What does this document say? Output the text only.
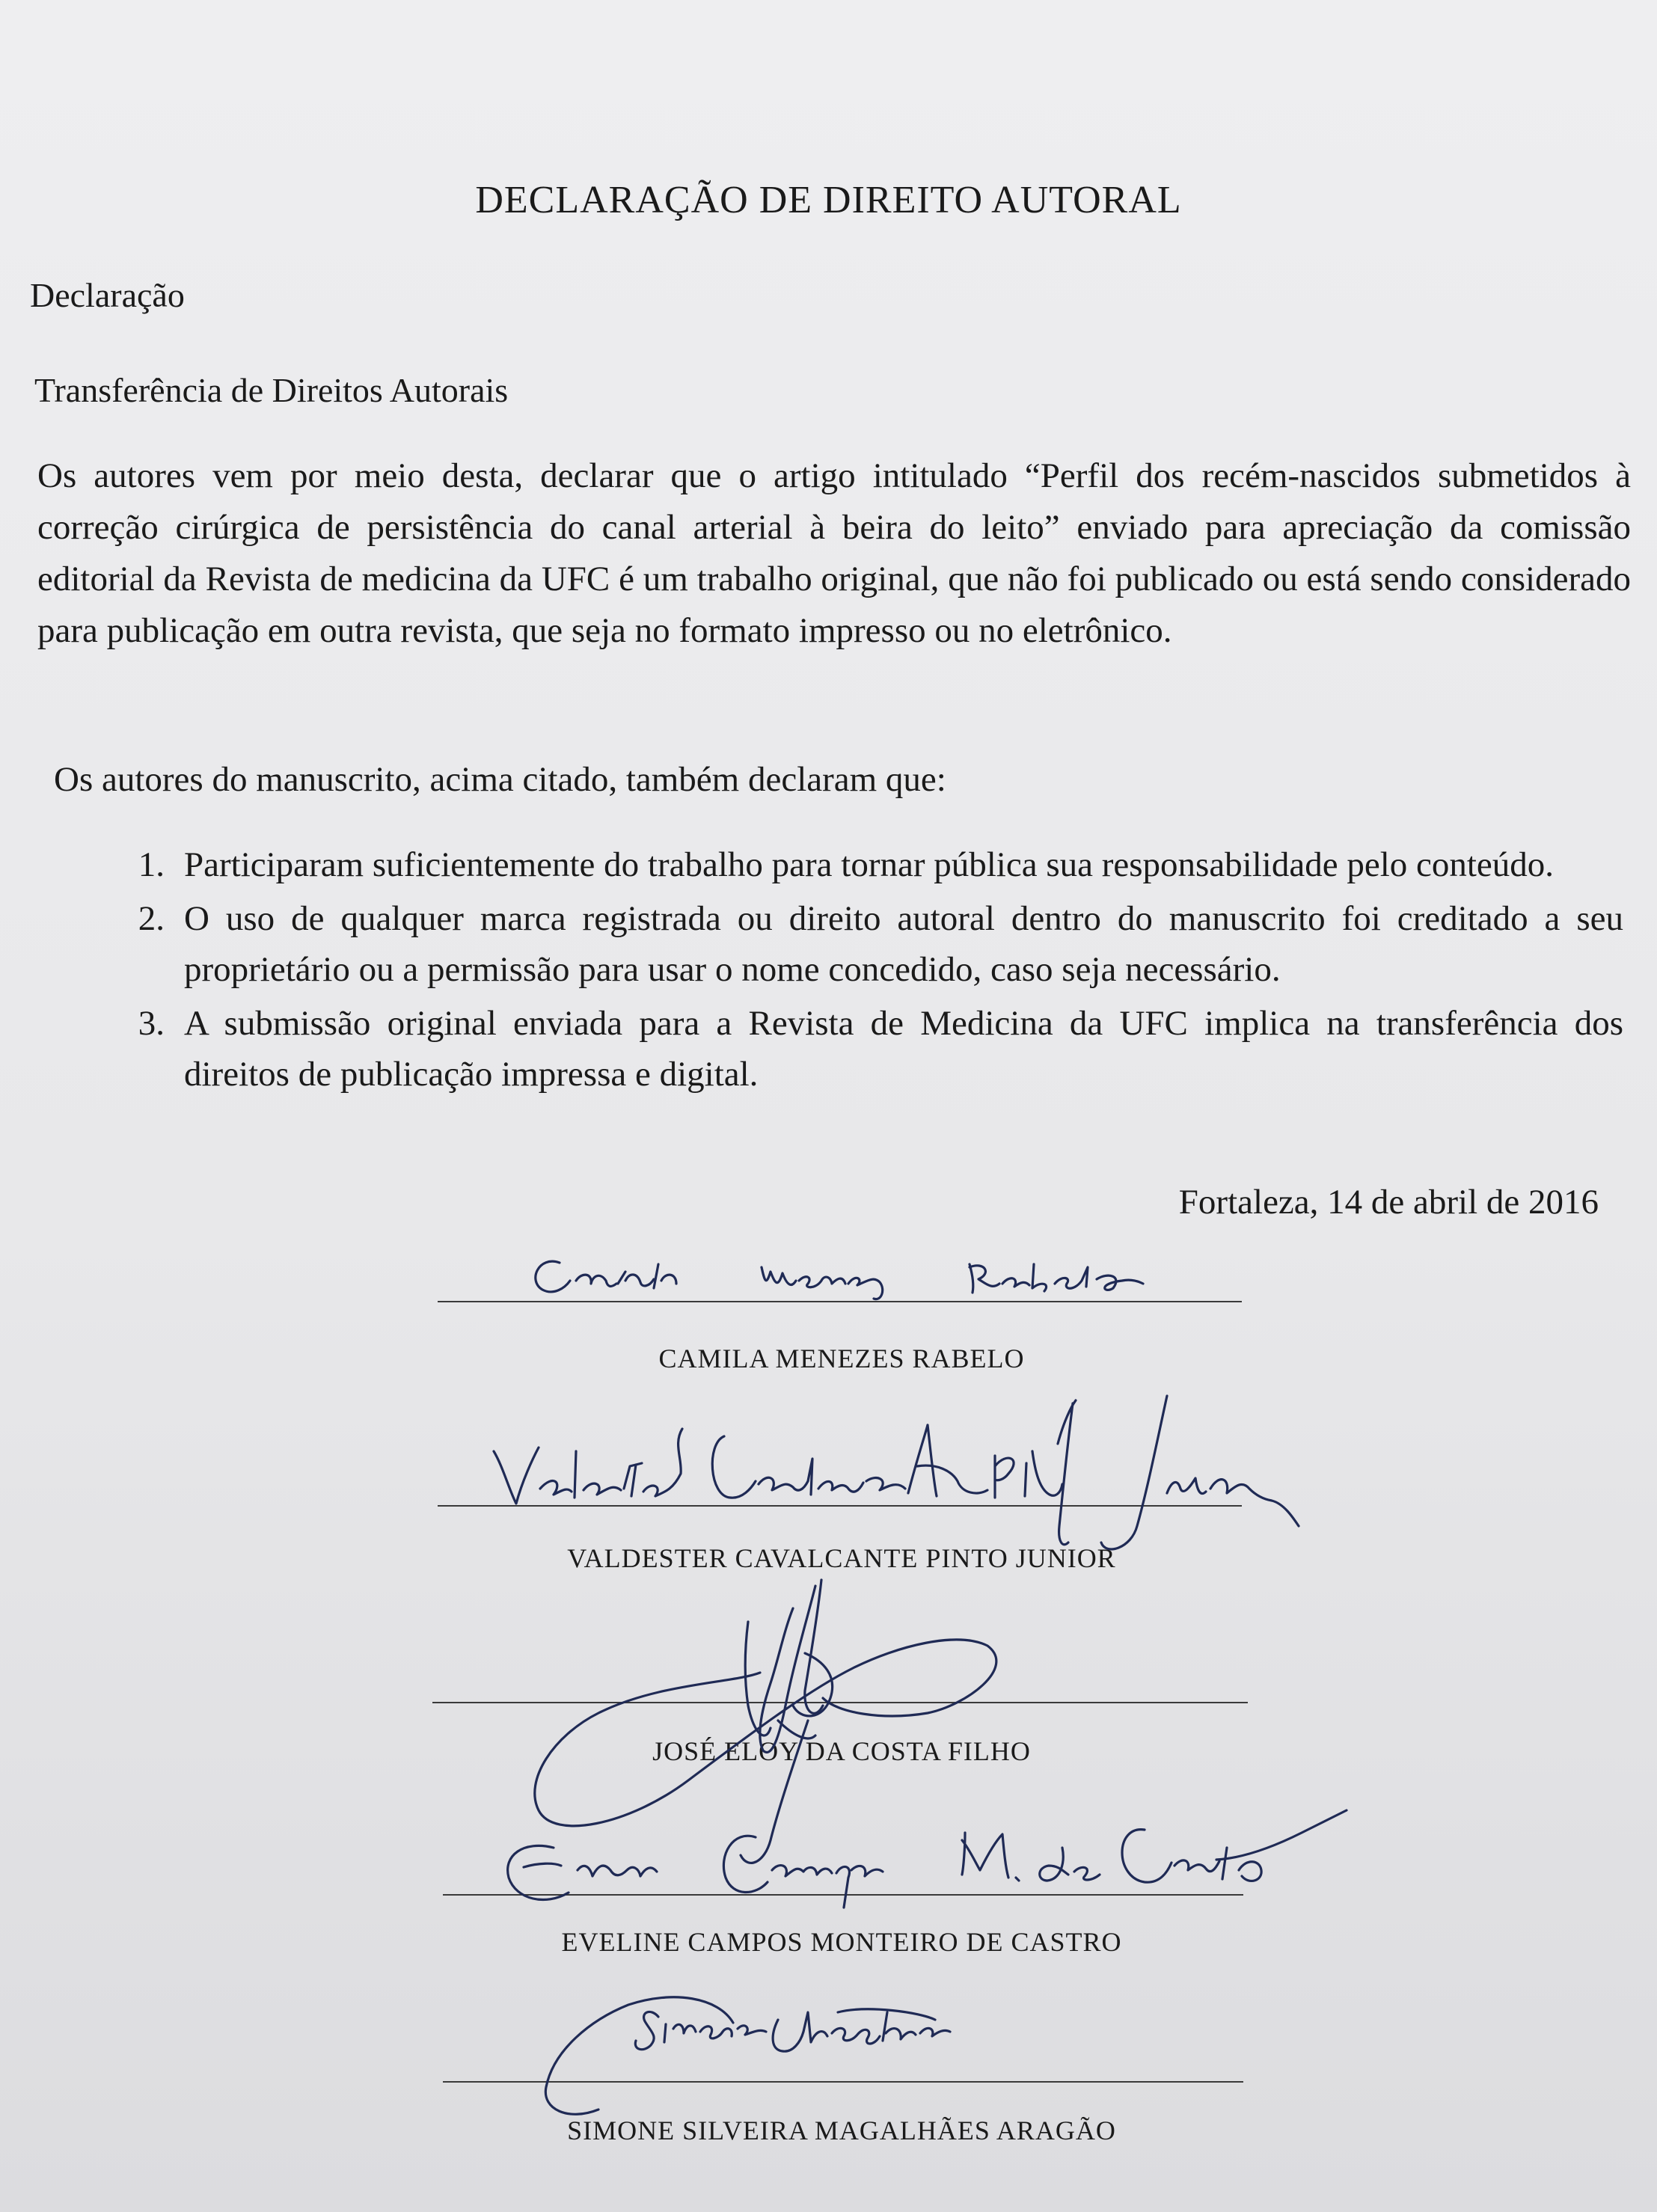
DECLARAÇÃO DE DIREITO AUTORAL
Declaração
Transferência de Direitos Autorais
Os autores vem por meio desta, declarar que o artigo intitulado “Perfil dos recém-nascidos submetidos à correção cirúrgica de persistência do canal arterial à beira do leito” enviado para apreciação da comissão editorial da Revista de medicina da UFC é um trabalho original, que não foi publicado ou está sendo considerado para publicação em outra revista, que seja no formato impresso ou no eletrônico.
Os autores do manuscrito, acima citado, também declaram que:
1. Participaram suficientemente do trabalho para tornar pública sua responsabilidade pelo conteúdo.
2. O uso de qualquer marca registrada ou direito autoral dentro do manuscrito foi creditado a seu proprietário ou a permissão para usar o nome concedido, caso seja necessário.
3. A submissão original enviada para a Revista de Medicina da UFC implica na transferência dos direitos de publicação impressa e digital.
Fortaleza, 14 de abril de 2016
CAMILA MENEZES RABELO
VALDESTER CAVALCANTE PINTO JUNIOR
JOSÉ ELOY DA COSTA FILHO
EVELINE CAMPOS MONTEIRO DE CASTRO
SIMONE SILVEIRA MAGALHÃES ARAGÃO
